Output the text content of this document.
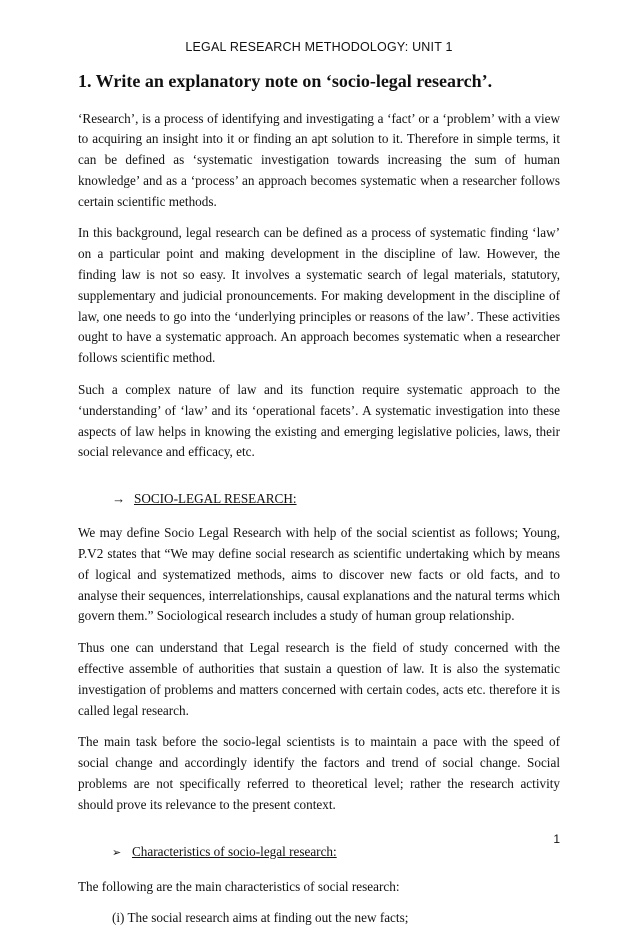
LEGAL RESEARCH METHODOLOGY: UNIT 1
1. Write an explanatory note on ‘socio-legal research’.

‘Research’, is a process of identifying and investigating a ‘fact’ or a ‘problem’ with a view to acquiring an insight into it or finding an apt solution to it. Therefore in simple terms, it can be defined as ‘systematic investigation towards increasing the sum of human knowledge’ and as a ‘process’ an approach becomes systematic when a researcher follows certain scientific methods.

In this background, legal research can be defined as a process of systematic finding ‘law’ on a particular point and making development in the discipline of law. However, the finding law is not so easy. It involves a systematic search of legal materials, statutory, supplementary and judicial pronouncements. For making development in the discipline of law, one needs to go into the ‘underlying principles or reasons of the law’. These activities ought to have a systematic approach. An approach becomes systematic when a researcher follows scientific method.

Such a complex nature of law and its function require systematic approach to the ‘understanding’ of ‘law’ and its ‘operational facets’. A systematic investigation into these aspects of law helps in knowing the existing and emerging legislative policies, laws, their social relevance and efficacy, etc.

→ SOCIO-LEGAL RESEARCH:

We may define Socio Legal Research with help of the social scientist as follows; Young, P.V2 states that “We may define social research as scientific undertaking which by means of logical and systematized methods, aims to discover new facts or old facts, and to analyse their sequences, interrelationships, causal explanations and the natural terms which govern them.” Sociological research includes a study of human group relationship.

Thus one can understand that Legal research is the field of study concerned with the effective assemble of authorities that sustain a question of law. It is also the systematic investigation of problems and matters concerned with certain codes, acts etc. therefore it is called legal research.

The main task before the socio-legal scientists is to maintain a pace with the speed of social change and accordingly identify the factors and trend of social change. Social problems are not specifically referred to theoretical level; rather the research activity should prove its relevance to the present context.

➢ Characteristics of socio-legal research:

The following are the main characteristics of social research:

(i) The social research aims at finding out the new facts;
1
